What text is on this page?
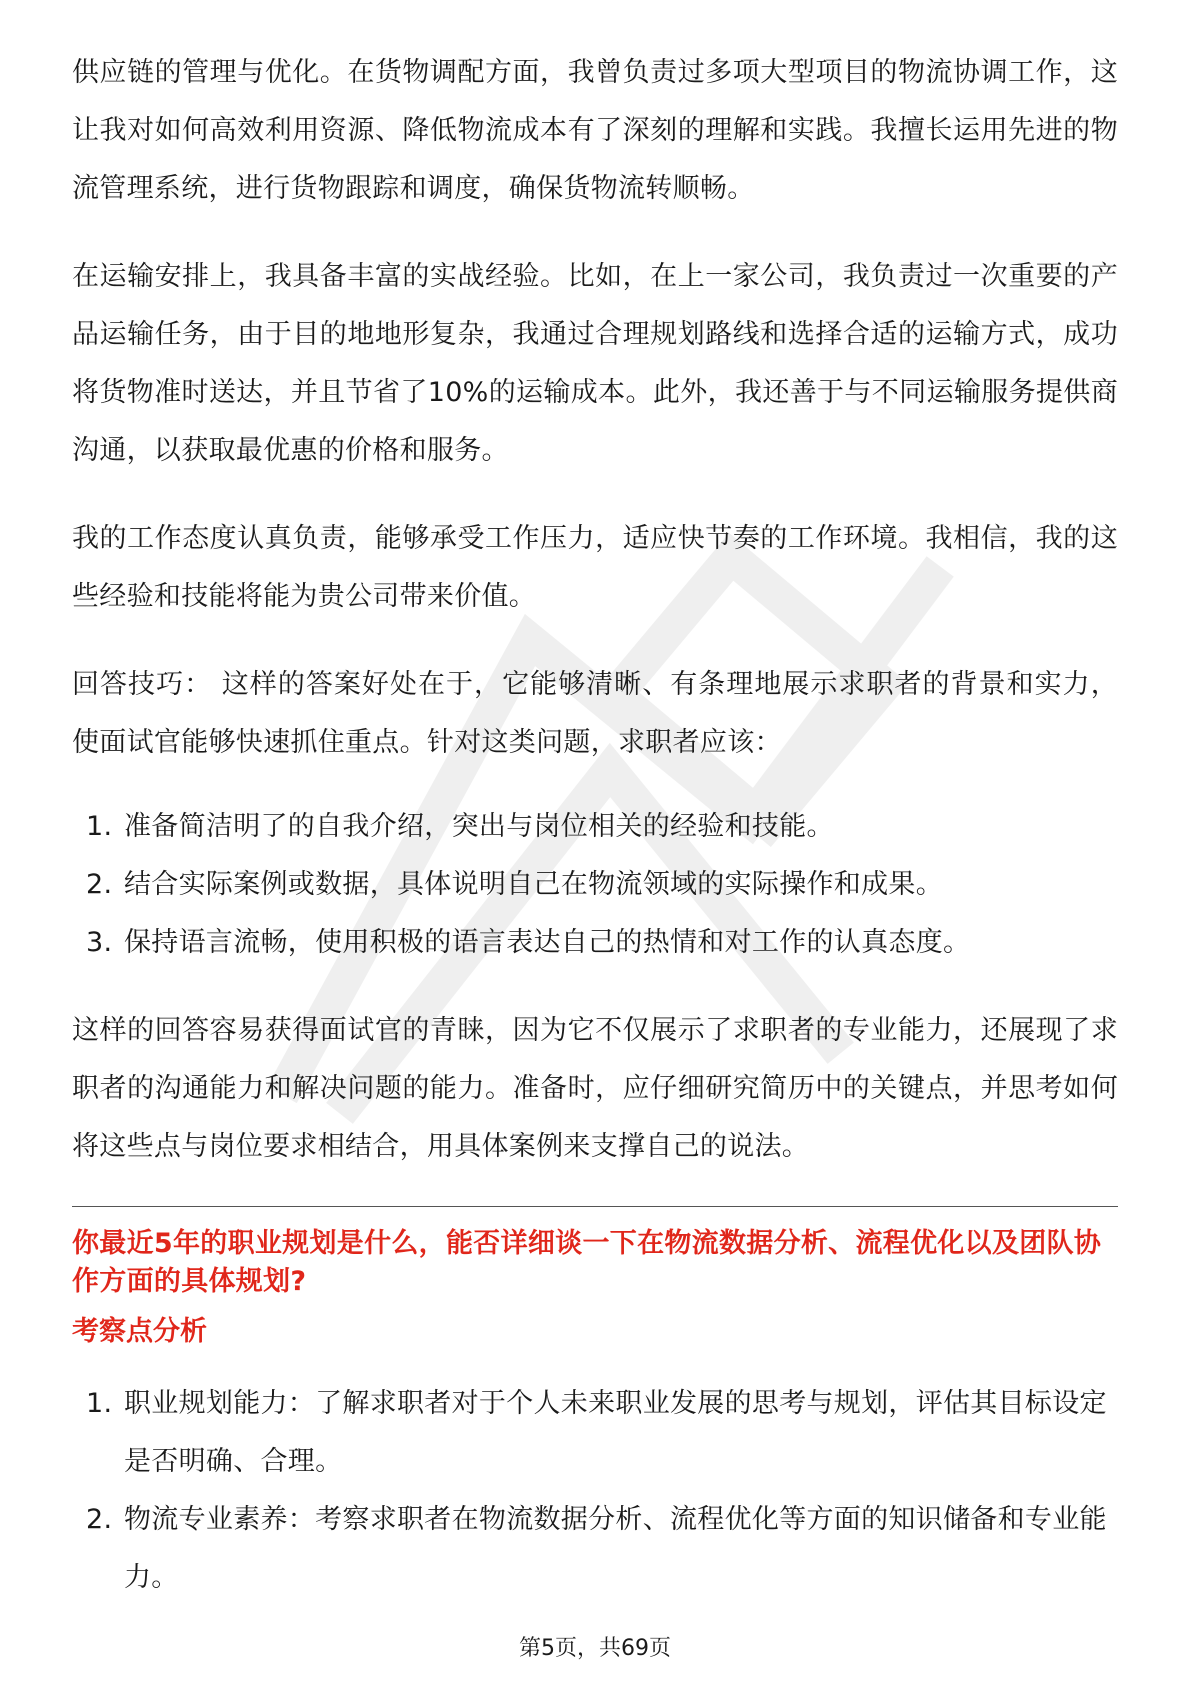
供应链的管理与优化。在货物调配方面，我曾负责过多项大型项目的物流协调工作，这让我对如何高效利用资源、降低物流成本有了深刻的理解和实践。我擅长运用先进的物流管理系统，进行货物跟踪和调度，确保货物流转顺畅。

在运输安排上，我具备丰富的实战经验。比如，在上一家公司，我负责过一次重要的产品运输任务，由于目的地地形复杂，我通过合理规划路线和选择合适的运输方式，成功将货物准时送达，并且节省了10%的运输成本。此外，我还善于与不同运输服务提供商沟通，以获取最优惠的价格和服务。

我的工作态度认真负责，能够承受工作压力，适应快节奏的工作环境。我相信，我的这些经验和技能将能为贵公司带来价值。

回答技巧： 这样的答案好处在于，它能够清晰、有条理地展示求职者的背景和实力，使面试官能够快速抓住重点。针对这类问题，求职者应该：

1. 准备简洁明了的自我介绍，突出与岗位相关的经验和技能。
2. 结合实际案例或数据，具体说明自己在物流领域的实际操作和成果。
3. 保持语言流畅，使用积极的语言表达自己的热情和对工作的认真态度。

这样的回答容易获得面试官的青睐，因为它不仅展示了求职者的专业能力，还展现了求职者的沟通能力和解决问题的能力。准备时，应仔细研究简历中的关键点，并思考如何将这些点与岗位要求相结合，用具体案例来支撑自己的说法。

你最近5年的职业规划是什么，能否详细谈一下在物流数据分析、流程优化以及团队协作方面的具体规划?

考察点分析

1. 职业规划能力：了解求职者对于个人未来职业发展的思考与规划，评估其目标设定是否明确、合理。
2. 物流专业素养：考察求职者在物流数据分析、流程优化等方面的知识储备和专业能力。
第5页，共69页
